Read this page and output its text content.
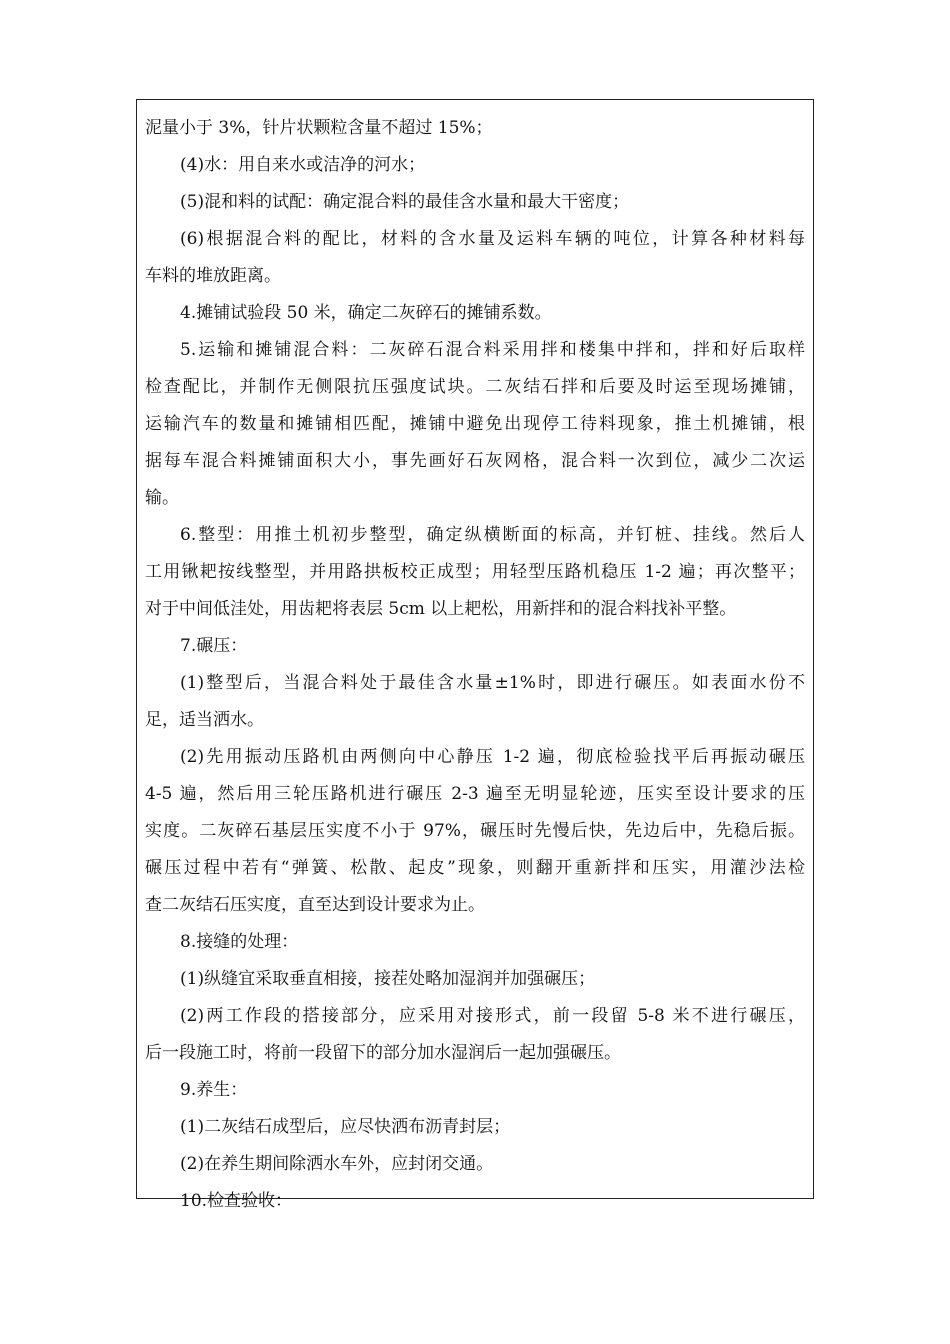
泥量小于 3%，针片状颗粒含量不超过 15%；
(4)水：用自来水或洁净的河水；
(5)混和料的试配：确定混合料的最佳含水量和最大干密度；
(6)根据混合料的配比，材料的含水量及运料车辆的吨位，计算各种材料每
车料的堆放距离。
4.摊铺试验段 50 米，确定二灰碎石的摊铺系数。
5.运输和摊铺混合料：二灰碎石混合料采用拌和楼集中拌和，拌和好后取样
检查配比，并制作无侧限抗压强度试块。二灰结石拌和后要及时运至现场摊铺，
运输汽车的数量和摊铺相匹配，摊铺中避免出现停工待料现象，推土机摊铺，根
据每车混合料摊铺面积大小，事先画好石灰网格，混合料一次到位，减少二次运
输。
6.整型：用推土机初步整型，确定纵横断面的标高，并钉桩、挂线。然后人
工用锹耙按线整型，并用路拱板校正成型；用轻型压路机稳压 1-2 遍；再次整平；
对于中间低洼处，用齿耙将表层 5cm 以上耙松，用新拌和的混合料找补平整。
7.碾压：
(1)整型后，当混合料处于最佳含水量±1%时，即进行碾压。如表面水份不
足，适当洒水。
(2)先用振动压路机由两侧向中心静压 1-2 遍，彻底检验找平后再振动碾压
4-5 遍，然后用三轮压路机进行碾压 2-3 遍至无明显轮迹，压实至设计要求的压
实度。二灰碎石基层压实度不小于 97%，碾压时先慢后快，先边后中，先稳后振。
碾压过程中若有“弹簧、松散、起皮”现象，则翻开重新拌和压实，用灌沙法检
查二灰结石压实度，直至达到设计要求为止。
8.接缝的处理：
(1)纵缝宜采取垂直相接，接茬处略加湿润并加强碾压；
(2)两工作段的搭接部分，应采用对接形式，前一段留 5-8 米不进行碾压，
后一段施工时，将前一段留下的部分加水湿润后一起加强碾压。
9.养生：
(1)二灰结石成型后，应尽快洒布沥青封层；
(2)在养生期间除洒水车外，应封闭交通。
10.检查验收：
